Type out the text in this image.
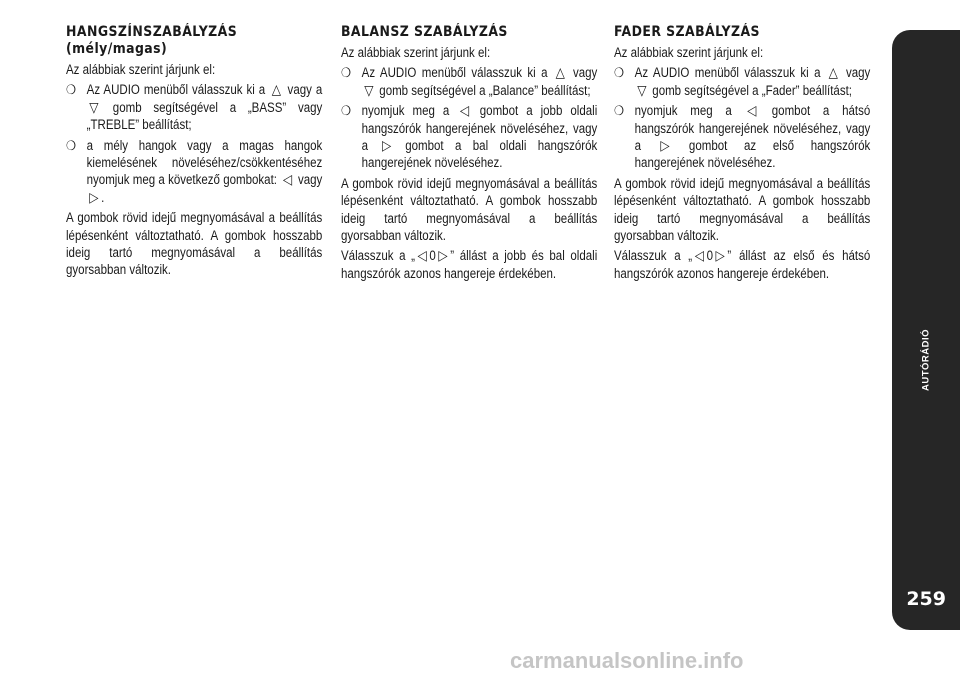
HANGSZÍNSZABÁLYZÁS
(mély/magas)

Az alábbiak szerint járjunk el:

❍ Az AUDIO menüből válasszuk ki a △ vagy a ▽ gomb segítségével a „BASS” vagy „TREBLE” beállítást;
❍ a mély hangok vagy a magas hangok kiemelésének növeléséhez/csökkentéséhez nyomjuk meg a következő gombokat: ◁ vagy ▷ .

A gombok rövid idejű megnyomásával a beállítás lépésenként változtatható. A gombok hosszabb ideig tartó megnyomásával a beállítás gyorsabban változik.

BALANSZ SZABÁLYZÁS

Az alábbiak szerint járjunk el:

❍ Az AUDIO menüből válasszuk ki a △ vagy ▽ gomb segítségével a „Balance” beállítást;
❍ nyomjuk meg a ◁ gombot a jobb oldali hangszórók hangerejének növeléséhez, vagy a ▷ gombot a bal oldali hangszórók hangerejének növeléséhez.

A gombok rövid idejű megnyomásával a beállítás lépésenként változtatható. A gombok hosszabb ideig tartó megnyomásával a beállítás gyorsabban változik.

Válasszuk a „ ◁ 0 ▷ ” állást a jobb és bal oldali hangszórók azonos hangereje érdekében.

FADER SZABÁLYZÁS

Az alábbiak szerint járjunk el:

❍ Az AUDIO menüből válasszuk ki a △ vagy ▽ gomb segítségével a „Fader” beállítást;
❍ nyomjuk meg a ◁ gombot a hátsó hangszórók hangerejének növeléséhez, vagy a ▷ gombot az első hangszórók hangerejének növeléséhez.

A gombok rövid idejű megnyomásával a beállítás lépésenként változtatható. A gombok hosszabb ideig tartó megnyomásával a beállítás gyorsabban változik.

Válasszuk a „ ◁ 0 ▷ ” állást az első és hátsó hangszórók azonos hangereje érdekében.

AUTÓRÁDIÓ
259
carmanualsonline.info
